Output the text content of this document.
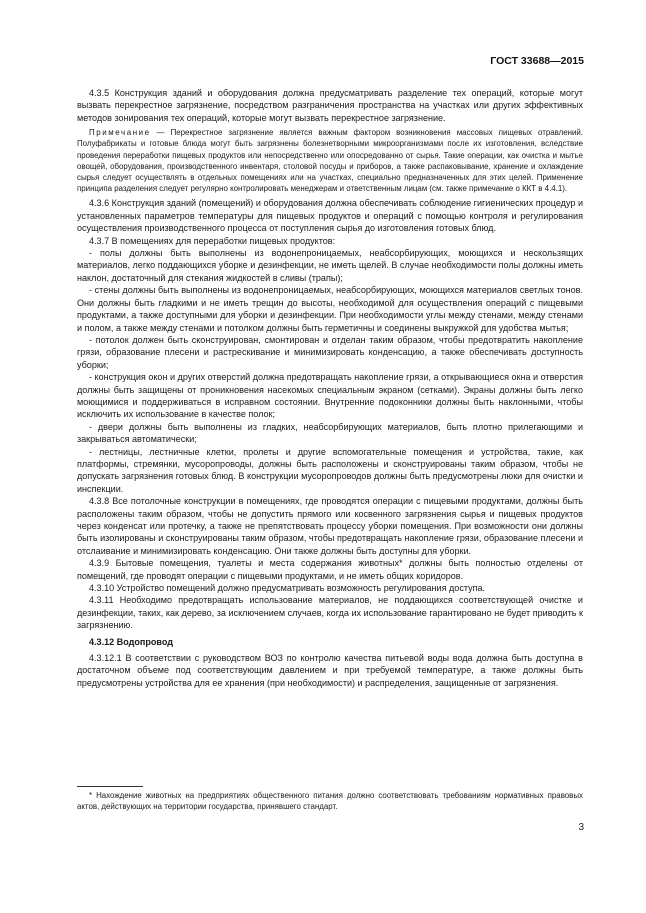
ГОСТ 33688—2015

4.3.5 Конструкция зданий и оборудования должна предусматривать разделение тех операций, которые могут вызвать перекрестное загрязнение, посредством разграничения пространства на участках или других эффективных методов зонирования тех операций, которые могут вызвать перекрестное загрязнение.

Примечание — Перекрестное загрязнение является важным фактором возникновения массовых пищевых отравлений. Полуфабрикаты и готовые блюда могут быть загрязнены болезнетворными микроорганизмами после их изготовления, вследствие проведения переработки пищевых продуктов или непосредственно или опосредованно от сырья. Такие операции, как очистка и мытье овощей, оборудования, производственного инвентаря, столовой посуды и приборов, а также распаковывание, хранение и охлаждение сырья следует осуществлять в отдельных помещениях или на участках, специально предназначенных для этих целей. Применение принципа разделения следует регулярно контролировать менеджерам и ответственным лицам (см. также примечание о ККТ в 4.4.1).

4.3.6 Конструкция зданий (помещений) и оборудования должна обеспечивать соблюдение гигиенических процедур и установленных параметров температуры для пищевых продуктов и операций с помощью контроля и регулирования осуществления производственного процесса от поступления сырья до изготовления готовых блюд.

4.3.7 В помещениях для переработки пищевых продуктов:

- полы должны быть выполнены из водонепроницаемых, неабсорбирующих, моющихся и нескользящих материалов, легко поддающихся уборке и дезинфекции, не иметь щелей. В случае необходимости полы должны иметь наклон, достаточный для стекания жидкостей в сливы (трапы);

- стены должны быть выполнены из водонепроницаемых, неабсорбирующих, моющихся материалов светлых тонов. Они должны быть гладкими и не иметь трещин до высоты, необходимой для осуществления операций с пищевыми продуктами, а также доступными для уборки и дезинфекции. При необходимости углы между стенами, между стенами и полом, а также между стенами и потолком должны быть герметичны и соединены выкружкой для удобства мытья;

- потолок должен быть сконструирован, смонтирован и отделан таким образом, чтобы предотвратить накопление грязи, образование плесени и растрескивание и минимизировать конденсацию, а также обеспечивать доступность уборки;

- конструкция окон и других отверстий должна предотвращать накопление грязи, а открывающиеся окна и отверстия должны быть защищены от проникновения насекомых специальным экраном (сетками). Экраны должны быть легко моющимися и поддерживаться в исправном состоянии. Внутренние подоконники должны быть наклонными, чтобы исключить их использование в качестве полок;

- двери должны быть выполнены из гладких, неабсорбирующих материалов, быть плотно прилегающими и закрываться автоматически;

- лестницы, лестничные клетки, пролеты и другие вспомогательные помещения и устройства, такие, как платформы, стремянки, мусоропроводы, должны быть расположены и сконструированы таким образом, чтобы не допускать загрязнения готовых блюд. В конструкции мусоропроводов должны быть предусмотрены люки для очистки и инспекции.

4.3.8 Все потолочные конструкции в помещениях, где проводятся операции с пищевыми продуктами, должны быть расположены таким образом, чтобы не допустить прямого или косвенного загрязнения сырья и пищевых продуктов через конденсат или протечку, а также не препятствовать процессу уборки помещения. При возможности они должны быть изолированы и сконструированы таким образом, чтобы предотвращать накопление грязи, образование плесени и отслаивание и минимизировать конденсацию. Они также должны быть доступны для уборки.

4.3.9 Бытовые помещения, туалеты и места содержания животных* должны быть полностью отделены от помещений, где проводят операции с пищевыми продуктами, и не иметь общих коридоров.

4.3.10 Устройство помещений должно предусматривать возможность регулирования доступа.

4.3.11 Необходимо предотвращать использование материалов, не поддающихся соответствующей очистке и дезинфекции, таких, как дерево, за исключением случаев, когда их использование гарантировано не будет приводить к загрязнению.

4.3.12 Водопровод

4.3.12.1 В соответствии с руководством ВОЗ по контролю качества питьевой воды вода должна быть доступна в достаточном объеме под соответствующим давлением и при требуемой температуре, а также должны быть предусмотрены устройства для ее хранения (при необходимости) и распределения, защищенные от загрязнения.

* Нахождение животных на предприятиях общественного питания должно соответствовать требованиям нормативных правовых актов, действующих на территории государства, принявшего стандарт.

3
